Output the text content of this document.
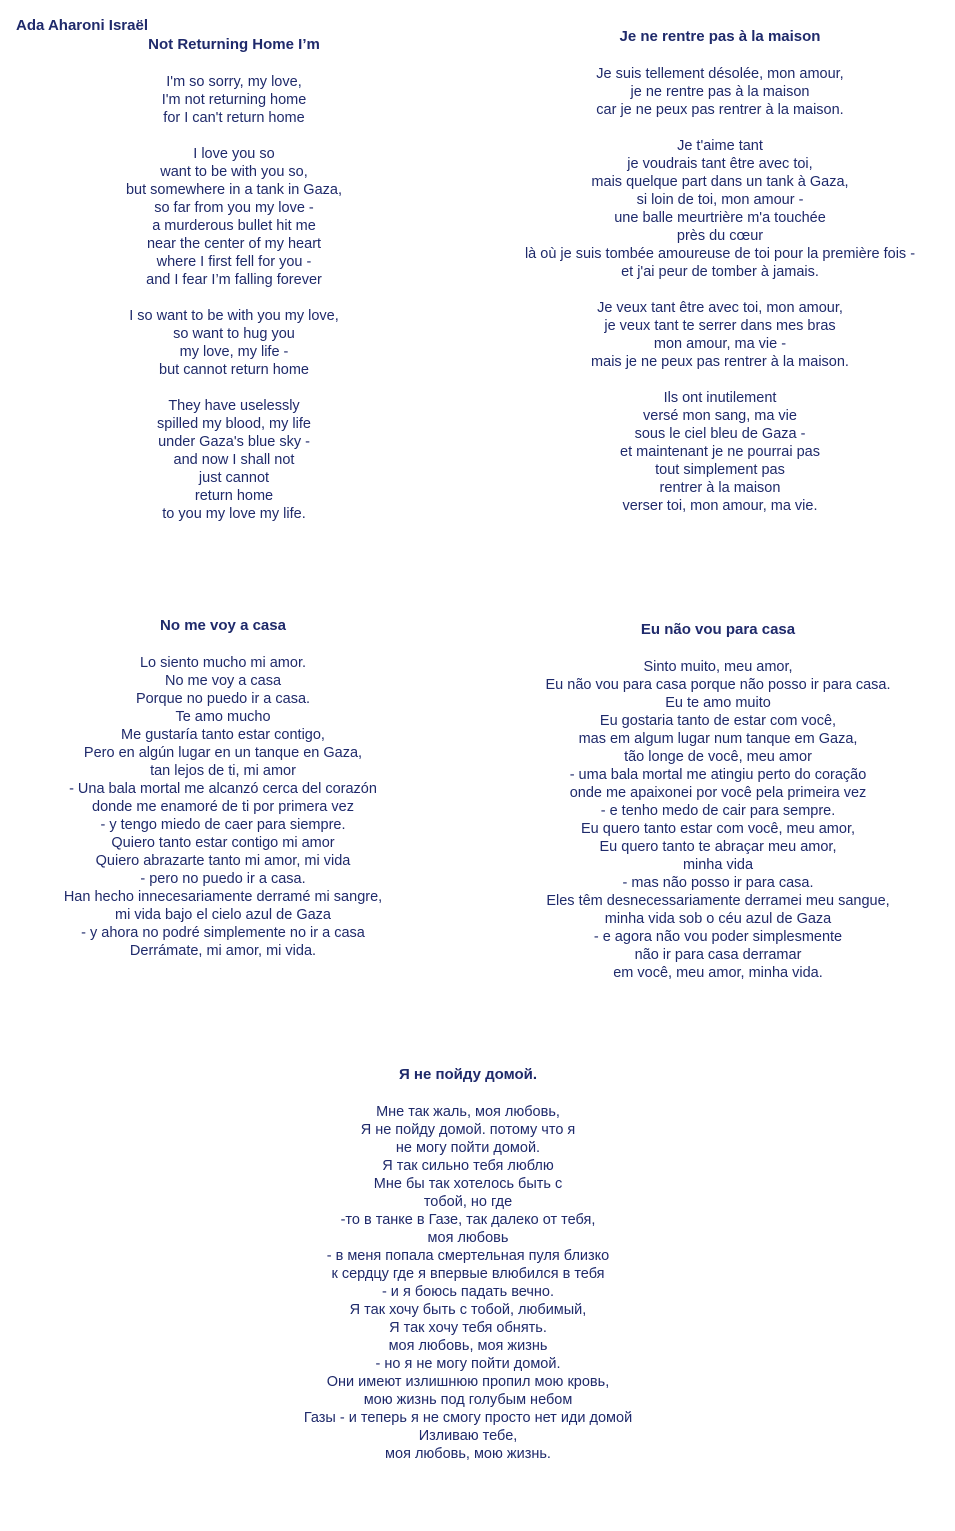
Ada Aharoni Israël
Not Returning Home I’m
I'm so sorry, my love,
I'm not returning home
for I can't return home
I love you so
want to be with you so,
but somewhere in a tank in Gaza,
so far from you my love -
a murderous bullet hit me
near the center of my heart
where I first fell for you -
and I fear I’m falling forever
I so want to be with you my love,
so want to hug you
my love, my life -
but cannot return home
They have uselessly
spilled my blood, my life
under Gaza's blue sky -
and now I shall not
just cannot
return home
to you my love my life.
Je ne rentre pas à la maison
Je suis tellement désolée, mon amour,
je ne rentre pas à la maison
car je ne peux pas rentrer à la maison.
Je t'aime tant
je voudrais tant être avec toi,
mais quelque part dans un tank à Gaza,
si loin de toi, mon amour -
une balle meurtrière m'a touchée
près du cœur
là où je suis tombée amoureuse de toi pour la première fois -
et j'ai peur de tomber à jamais.
Je veux tant être avec toi, mon amour,
je veux tant te serrer dans mes bras
mon amour, ma vie -
mais je ne peux pas rentrer à la maison.
Ils ont inutilement
versé mon sang, ma vie
sous le ciel bleu de Gaza -
et maintenant je ne pourrai pas
tout simplement pas
rentrer à la maison
verser toi, mon amour, ma vie.
No me voy a casa
Lo siento mucho mi amor.
No me voy a casa
Porque no puedo ir a casa.
Te amo mucho
Me gustaría tanto estar contigo,
Pero en algún lugar en un tanque en Gaza,
tan lejos de ti, mi amor
- Una bala mortal me alcanzó cerca del corazón
donde me enamoré de ti por primera vez
- y tengo miedo de caer para siempre.
Quiero tanto estar contigo mi amor
Quiero abrazarte tanto mi amor, mi vida
- pero no puedo ir a casa.
Han hecho innecesariamente derramé mi sangre,
mi vida bajo el cielo azul de Gaza
- y ahora no podré simplemente no ir a casa
Derrámate, mi amor, mi vida.
Eu não vou para casa
Sinto muito, meu amor,
Eu não vou para casa porque não posso ir para casa.
Eu te amo muito
Eu gostaria tanto de estar com você,
mas em algum lugar num tanque em Gaza,
tão longe de você, meu amor
- uma bala mortal me atingiu perto do coração
onde me apaixonei por você pela primeira vez
- e tenho medo de cair para sempre.
Eu quero tanto estar com você, meu amor,
Eu quero tanto te abraçar meu amor,
minha vida
- mas não posso ir para casa.
Eles têm desnecessariamente derramei meu sangue,
minha vida sob o céu azul de Gaza
- e agora não vou poder simplesmente
não ir para casa derramar
em você, meu amor, minha vida.
Я не пойду домой.
Мне так жаль, моя любовь,
Я не пойду домой. потому что я
не могу пойти домой.
Я так сильно тебя люблю
Мне бы так хотелось быть с
тобой, но где
-то в танке в Газе, так далеко от тебя,
моя любовь
- в меня попала смертельная пуля близко
к сердцу где я впервые влюбился в тебя
- и я боюсь падать вечно.
Я так хочу быть с тобой, любимый,
Я так хочу тебя обнять.
моя любовь, моя жизнь
- но я не могу пойти домой.
Они имеют излишнюю пропил мою кровь,
мою жизнь под голубым небом
Газы - и теперь я не смогу просто нет иди домой
Изливаю тебе,
моя любовь, мою жизнь.
